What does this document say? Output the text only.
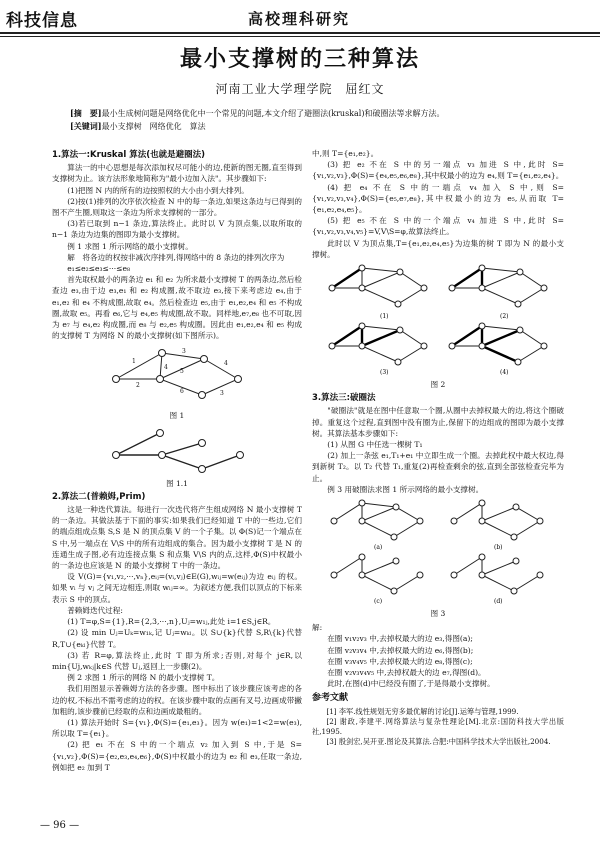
科技信息	高校理科研究
最小支撑树的三种算法
河南工业大学理学院　屈红文
[摘　要]最小生成树问题是网络优化中一个常见的问题,本文介绍了避圈法(kruskal)和破圈法等求解方法。
[关键词]最小支撑树　网络优化　算法
1.算法一:Kruskal 算法(也就是避圈法)

算法一的中心思想是每次添加权尽可能小的边,使新的图无圈,直至得到支撑树为止。该方法形象地简称为"最小边加入法"。其步骤如下:

(1)把图 N 内的所有的边按照权的大小由小到大排列。

(2)按(1)排列的次序依次检查 N 中的每一条边,如果这条边与已得到的图不产生圈,则取这一条边为所求支撑树的一部分。

(3)若已取到 n−1 条边,算法终止。此时以 V 为顶点集,以取所取的 n−1 条边为边集的图即为最小支撑树。

例 1 求图 1 所示网络的最小支撑树。

解　将各边的权按非减次序排列,得网络中的 8 条边的排列次序为

e₁≤e₂≤e₃≤···≤e₈

首先取权最小的两条边 e₁ 和 e₂ 为所求最小支撑树 T 的两条边,然后检查边 e₃,由于边 e₃,e₁ 和 e₂ 构成圈,故不取边 e₃,接下来考虑边 e₄,由于 e₁,e₂ 和 e₄ 不构成圈,故取 e₄。然后检查边 e₅,由于 e₁,e₂,e₄ 和 e₅ 不构成圈,故取 e₅。再看 e₆,它与 e₄,e₅ 构成圈,故不取。同样地,e₇,e₈ 也不可取,因为 e₇ 与 e₄,e₂ 构成圈,而 e₈ 与 e₂,e₅ 构成圈。因此由 e₁,e₂,e₄ 和 e₅ 构成的支撑树 T 为网络 N 的最小支撑树(如下图所示)。

1
2
4
3
5
6
4
3
图 1
图 1.1
2.算法二(普赖姆,Prim)

这是一种迭代算法。每进行一次迭代将产生组成网络 N 最小支撑树 T 的一条边。其做法基于下面的事实:如果我们已经知道 T 中的一些边,它们的端点组成点集 S,S 是 N 的顶点集 V 的一个子集。以 Φ(S)记一个端点在 S 中,另一端点在 V\S 中的所有边组成的集合。因为最小支撑树 T 是 N 的连通生成子图,必有边连接点集 S 和点集 V\S 内的点,这样,Φ(S)中权最小的一条边也应该是 N 的最小支撑树 T 中的一条边。

设 V(G)={v₁,v₂,···,vₙ},eᵢⱼ=(vᵢ,vⱼ)∈E(G),wᵢⱼ=w(eᵢⱼ)为边 eᵢⱼ 的权。如果 vᵢ 与 vⱼ 之间无边相连,则取 wᵢⱼ=∞。为叙述方便,我们以顶点的下标来表示 S 中的顶点。

普赖姆迭代过程:

(1) T=φ,S={1},R={2,3,···,n},Uⱼ=w₁ⱼ,此处 i=1∈S,j∈R。

(2) 设 min Uⱼ=Uₖ=w₁ₖ,记 Uⱼ=wₖₗ。以 S∪{k}代替 S,R\{k}代替 R,T∪{eₖₗ}代替 T。

(3) 若 R=φ,算法终止,此时 T 即为所求;否则,对每个 j∈R,以 min{Uj,wₖⱼ|k∈S 代替 Uⱼ,返回上一步骤(2)。

例 2 求图 1 所示的网络 N 的最小支撑树 T。

我们用图显示普赖姆方法的各步骤。图中标出了该步骤应该考虑的各边的权,不标出不需考虑的边的权。在该步骤中取的点画有叉号,边画成带撇加粗的,该步骤前已经取的点和边画成最粗的。

(1) 算法开始时 S={v₁},Φ(S)={e₁,e₃}。因为 w(e₁)=1<2=w(e₃),所以取 T={e₁}。

(2) 把 e₁ 不在 S 中的一个端点 v₂ 加入到 S 中,于是 S={v₁,v₂},Φ(S)={e₂,e₃,e₄,e₆},Φ(S)中权最小的边为 e₂ 和 e₃,任取一条边,例如把 e₂ 加到 T

中,则 T={e₁,e₂}。

(3) 把 e₂ 不在 S 中的另一端点 v₃ 加进 S 中,此时 S={v₁,v₂,v₃},Φ(S)={e₄,e₅,e₆,e₈},其中权最小的边为 e₄,则 T={e₁,e₂,e₄}。

(4) 把 e₄ 不在 S 中的一端点 v₄ 加入 S 中,则 S={v₁,v₂,v₃,v₄},Φ(S)={e₅,e₇,e₈},其中权最小的边为 e₅,从而取 T={e₁,e₂,e₄,e₅}。

(5) 把 e₅ 不在 S 中的一个端点 v₄ 加进 S 中,此时 S={v₁,v₂,v₃,v₄,v₅}=V,V\S=φ,故算法终止。

此时以 V 为顶点集,T={e₁,e₂,e₄,e₅}为边集的树 T 即为 N 的最小支撑树。

(1)	(2)
(3)	(4)
图 2
3.算法三:破圈法

"破圈法"就是在图中任意取一个圈,从圈中去掉权最大的边,将这个圈破掉。重复这个过程,直到图中没有圈为止,保留下的边组成的图即为最小支撑树。其算法基本步骤如下:

(1) 从图 G 中任选一棵树 T₁

(2) 加上一条弦 e₁,T₁+e₁ 中立即生成一个圈。去掉此权中最大权边,得到新树 T₂。以 T₂ 代替 T₁,重复(2)再检查剩余的弦,直到全部弦检查完毕为止。

例 3 用破圈法求图 1 所示网络的最小支撑树。

(a)	(b)
(c)	(d)
图 3

解:

在圈 v₁v₂v₃ 中,去掉权最大的边 e₃,得图(a);

在圈 v₂v₃v₄ 中,去掉权最大的边 e₆,得图(b);

在圈 v₃v₄v₅ 中,去掉权最大的边 e₈,得图(c);

在圈 v₂v₃v₄v₅ 中,去掉权最大的边 e₇,得图(d)。

此时,在图(d)中已经没有圈了,于是得最小支撑树。

参考文献

[1] 李军.线性规划无穷多最优解的讨论[J].运筹与管理,1999.

[2] 谢政,李建平.网络算法与复杂性理论[M].北京:国防科技大学出版社,1995.

[3] 殷剑宏,吴开亚.图论及其算法.合肥:中国科学技术大学出版社,2004.

— 96 —
